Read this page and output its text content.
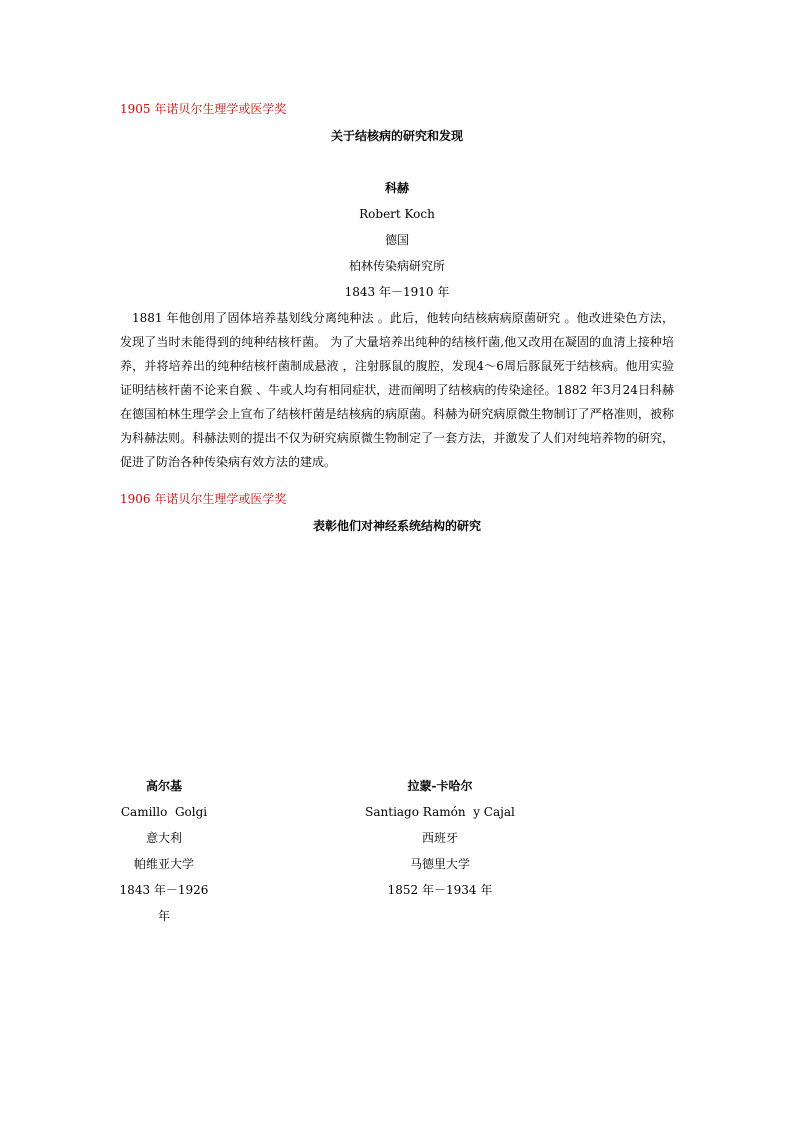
1905 年诺贝尔生理学或医学奖
关于结核病的研究和发现
科赫
Robert Koch
德国
柏林传染病研究所
1843 年－1910 年

1881 年他创用了固体培养基划线分离纯种法 。此后，他转向结核病病原菌研究 。他改进染色方法，发现了当时未能得到的纯种结核杆菌。 为了大量培养出纯种的结核杆菌,他又改用在凝固的血清上接种培养，并将培养出的纯种结核杆菌制成悬液 ，注射豚鼠的腹腔，发现4～6周后豚鼠死于结核病。他用实验证明结核杆菌不论来自猴 、牛或人均有相同症状，进而阐明了结核病的传染途径。1882 年3月24日科赫在德国柏林生理学会上宣布了结核杆菌是结核病的病原菌。科赫为研究病原微生物制订了严格准则，被称为科赫法则。科赫法则的提出不仅为研究病原微生物制定了一套方法，并激发了人们对纯培养物的研究，促进了防治各种传染病有效方法的建成。

1906 年诺贝尔生理学或医学奖
表彰他们对神经系统结构的研究
高尔基
Camillo  Golgi
意大利
帕维亚大学
1843 年－1926
年
拉蒙-卡哈尔
Santiago Ramón  y Cajal
西班牙
马德里大学
1852 年－1934 年
